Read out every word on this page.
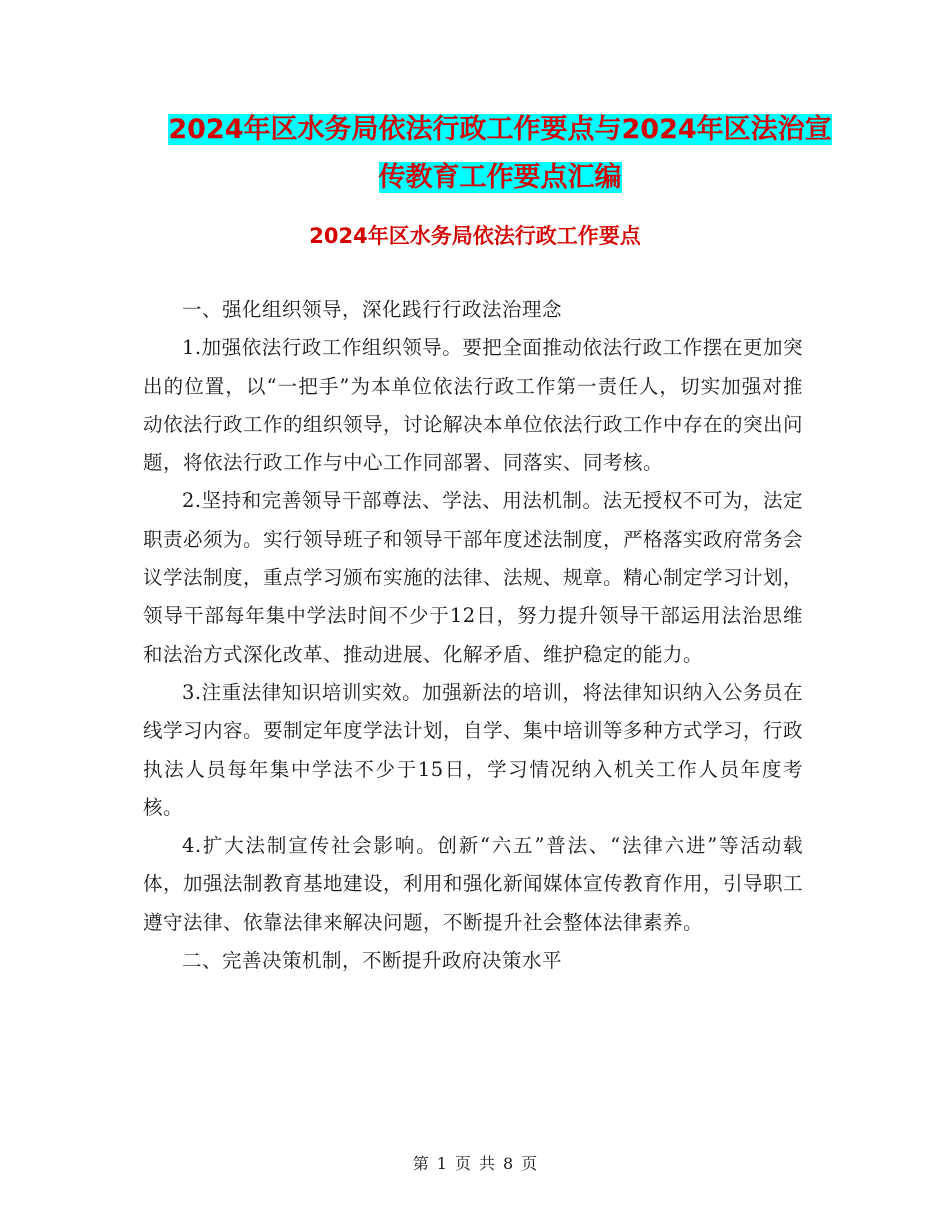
2024年区水务局依法行政工作要点与2024年区法治宣
传教育工作要点汇编
2024年区水务局依法行政工作要点

一、强化组织领导，深化践行行政法治理念

1.加强依法行政工作组织领导。要把全面推动依法行政工作摆在更加突出的位置，以“一把手”为本单位依法行政工作第一责任人，切实加强对推动依法行政工作的组织领导，讨论解决本单位依法行政工作中存在的突出问题，将依法行政工作与中心工作同部署、同落实、同考核。

2.坚持和完善领导干部尊法、学法、用法机制。法无授权不可为，法定职责必须为。实行领导班子和领导干部年度述法制度，严格落实政府常务会议学法制度，重点学习颁布实施的法律、法规、规章。精心制定学习计划，领导干部每年集中学法时间不少于12日，努力提升领导干部运用法治思维和法治方式深化改革、推动进展、化解矛盾、维护稳定的能力。

3.注重法律知识培训实效。加强新法的培训，将法律知识纳入公务员在线学习内容。要制定年度学法计划，自学、集中培训等多种方式学习，行政执法人员每年集中学法不少于15日，学习情况纳入机关工作人员年度考核。

4.扩大法制宣传社会影响。创新“六五”普法、“法律六进”等活动载体，加强法制教育基地建设，利用和强化新闻媒体宣传教育作用，引导职工遵守法律、依靠法律来解决问题，不断提升社会整体法律素养。

二、完善决策机制，不断提升政府决策水平

第 1 页 共 8 页
